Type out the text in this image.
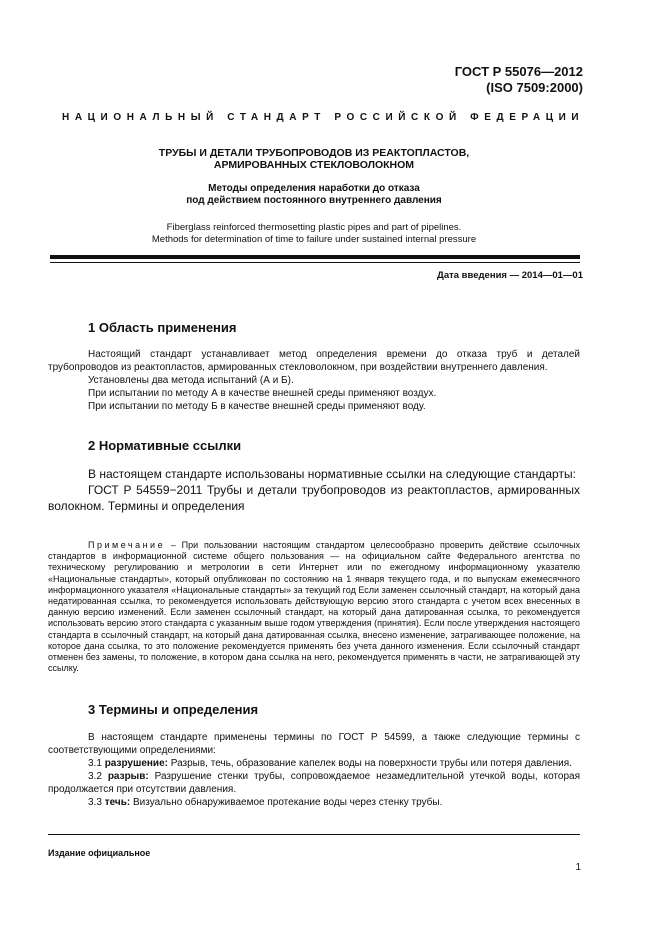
ГОСТ Р 55076—2012
(ISO 7509:2000)
НАЦИОНАЛЬНЫЙ СТАНДАРТ РОССИЙСКОЙ ФЕДЕРАЦИИ
ТРУБЫ И ДЕТАЛИ ТРУБОПРОВОДОВ ИЗ РЕАКТОПЛАСТОВ,
АРМИРОВАННЫХ СТЕКЛОВОЛОКНОМ
Методы определения наработки до отказа
под действием постоянного внутреннего давления
Fiberglass reinforced thermosetting plastic pipes and part of pipelines.
Methods for determination of time to failure under sustained internal pressure
Дата введения — 2014—01—01
1 Область применения

Настоящий стандарт устанавливает метод определения времени до отказа труб и деталей трубопроводов из реактопластов, армированных стекловолокном, при воздействии внутреннего давления.

Установлены два метода испытаний (А и Б).

При испытании по методу А в качестве внешней среды применяют воздух.

При испытании по методу Б в качестве внешней среды применяют воду.

2 Нормативные ссылки

В настоящем стандарте использованы нормативные ссылки на следующие стандарты:

ГОСТ Р 54559−2011 Трубы и детали трубопроводов из реактопластов, армированных волокном. Термины и определения

Примечание – При пользовании настоящим стандартом целесообразно проверить действие ссылочных стандартов в информационной системе общего пользования — на официальном сайте Федерального агентства по техническому регулированию и метрологии в сети Интернет или по ежегодному информационному указателю «Национальные стандарты», который опубликован по состоянию на 1 января текущего года, и по выпускам ежемесячного информационного указателя «Национальные стандарты» за текущий год Если заменен ссылочный стандарт, на который дана недатированная ссылка, то рекомендуется использовать действующую версию этого стандарта с учетом всех внесенных в данную версию изменений. Если заменен ссылочный стандарт, на который дана датированная ссылка, то рекомендуется использовать версию этого стандарта с указанным выше годом утверждения (принятия). Если после утверждения настоящего стандарта в ссылочный стандарт, на который дана датированная ссылка, внесено изменение, затрагивающее положение, на которое дана ссылка, то это положение рекомендуется применять без учета данного изменения. Если ссылочный стандарт отменен без замены, то положение, в котором дана ссылка на него, рекомендуется применять в части, не затрагивающей эту ссылку.
3 Термины и определения

В настоящем стандарте применены термины по ГОСТ Р 54599, а также следующие термины с соответствующими определениями:

3.1 разрушение: Разрыв, течь, образование капелек воды на поверхности трубы или потеря давления.

3.2 разрыв: Разрушение стенки трубы, сопровождаемое незамедлительной утечкой воды, которая продолжается при отсутствии давления.

3.3 течь: Визуально обнаруживаемое протекание воды через стенку трубы.

Издание официальное
1
